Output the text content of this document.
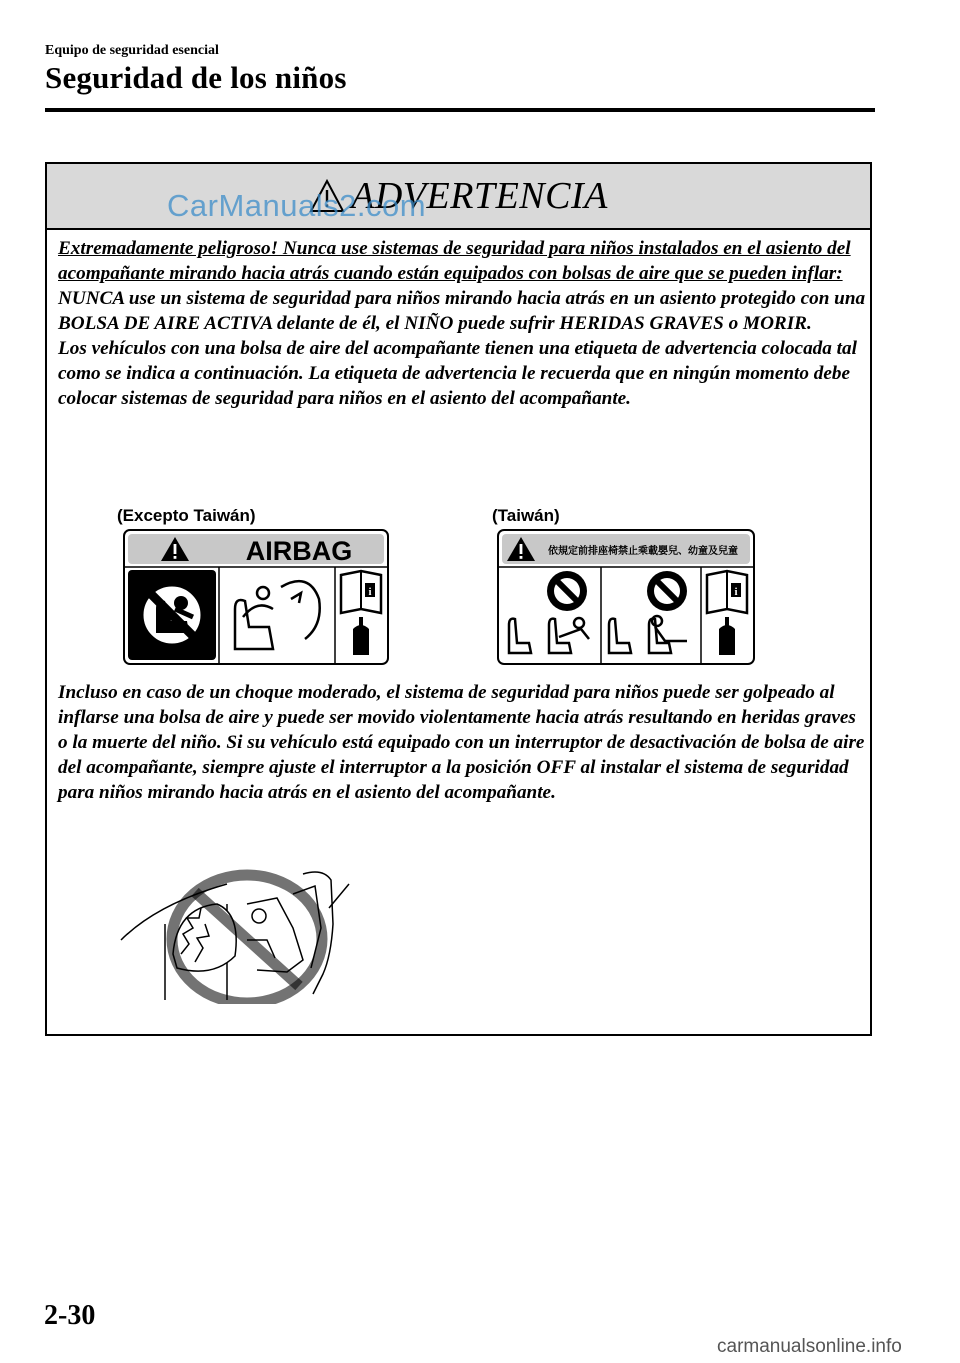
Equipo de seguridad esencial
Seguridad de los niños
ADVERTENCIA
CarManuals2.com

Extremadamente peligroso! Nunca use sistemas de seguridad para niños instalados en el asiento del acompañante mirando hacia atrás cuando están equipados con bolsas de aire que se pueden inflar:

NUNCA use un sistema de seguridad para niños mirando hacia atrás en un asiento protegido con una BOLSA DE AIRE ACTIVA delante de él, el NIÑO puede sufrir HERIDAS GRAVES o MORIR.

Los vehículos con una bolsa de aire del acompañante tienen una etiqueta de advertencia colocada tal como se indica a continuación. La etiqueta de advertencia le recuerda que en ningún momento debe colocar sistemas de seguridad para niños en el asiento del acompañante.

(Excepto Taiwán)
AIRBAG
i
(Taiwán)
依規定前排座椅禁止乘載嬰兒、幼童及兒童
i
Incluso en caso de un choque moderado, el sistema de seguridad para niños puede ser golpeado al inflarse una bolsa de aire y puede ser movido violentamente hacia atrás resultando en heridas graves o la muerte del niño. Si su vehículo está equipado con un interruptor de desactivación de bolsa de aire del acompañante, siempre ajuste el interruptor a la posición OFF al instalar el sistema de seguridad para niños mirando hacia atrás en el asiento del acompañante.
2-30
carmanualsonline.info
